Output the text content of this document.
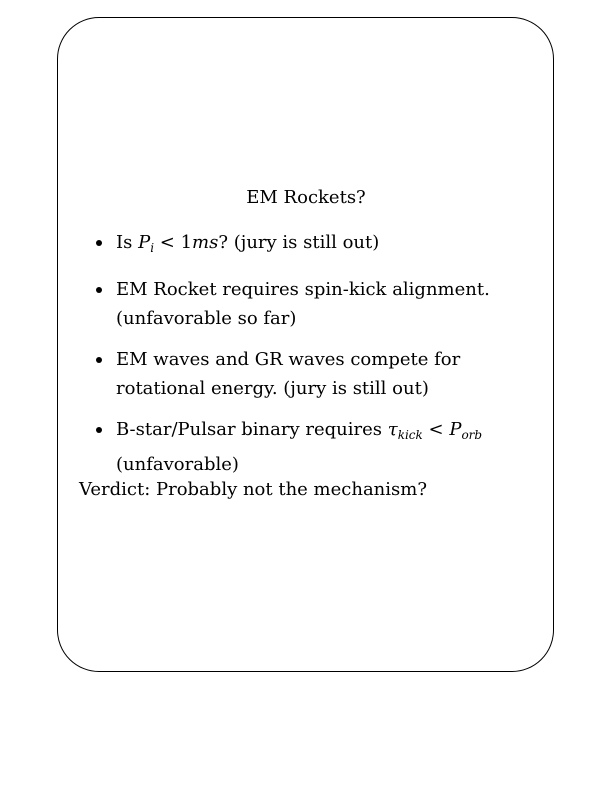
EM Rockets?
Is $P_i < 1ms$? (jury is still out)
EM Rocket requires spin-kick alignment.
(unfavorable so far)
EM waves and GR waves compete for
rotational energy. (jury is still out)
B-star/Pulsar binary requires $\tau_{kick} < P_{orb}$
(unfavorable)
Verdict: Probably not the mechanism?
